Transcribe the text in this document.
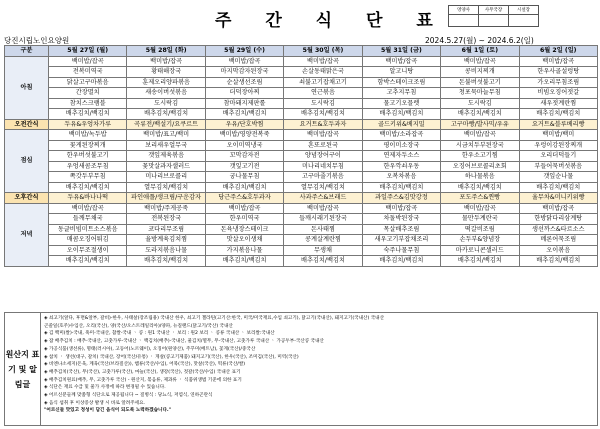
주 간 식 단 표
영양사	사무국장	시설장

당진시립노인요양원	2024.5.27(월) ~ 2024.6.2(일)
구분	5월 27일 (월)	5월 28일 (화)	5월 29일 (수)	5월 30일 (목)	5월 31일 (금)	6월 1일 (토)	6월 2일 (일)
아침	백미밥/잡곡	백미밥/잡곡	백미밥/잡곡	백미밥/잡곡	백미밥/잡곡	백미밥/잡곡	백미밥/잡곡
	전복미역국	황태해장국	마지막감자된장국	손살동태맑은국	알고니탕	콩비지찌개	한우사골설렁탕
	닭살고구마볶음	훈제오리양파볶음	순살생선조림	쇠불고기잡채고기	함박스테이크조림	돈불버섯불고기	가오리무침조림
	간장멸치	새송이버섯볶음	더덕장아찌	연근볶음	고추지무침	청포묵마늘무침	비빔오징어젓갈
	참치스크램블	도시락김	참마돼지제판롤	도시락김	물고기오믈렛	도시락김	새우젓계란찜
	배추김치/백김치	배추김치/백김치	배추김치/백김치	배추김치/백김치	배추김치/백김치	배추김치/백김치	배추김치/백김치
오전간식	두유&우엉차가루	곡류전/백설기/요쿠르트	우유/단호박찜	요거트&호두과자	골드키위&베지밀	고구마빵/발사믹/우유	요거트&블루베리빵
점심	백미밥/녹두밥	백미밥/표고/백미	백미밥/영양전복죽	백미밥/잡곡	백미밥/소라잡곡	백미밥/잡곡	백미밥/백미
	꽃게된장찌개	보리새우얼무국	오이미역냉국	혼또로된국	평이미소장국	시금치두부된장국	우렁이강된장찌개
	한우버섯불고기	갯잎제육볶음	꼬막감자전	양념장어구이	연제자두소스	한우소고기찜	오리더덕들기
	우엉새콤조무침	꽃맛살과자샐러드	갯잎고기전	미나리네치무침	한우깍쇠우동	오징어브로콜리초회	부들어묵버섯볶음
	쪽갓두부무침	미나리브로콜리	궁나물무침	고구마줄기볶음	오복차볶음	하나물볶음	갯잎순나물
	배추김치/백김치	열무김치/백김치	배추김치/백김치	열무김치/백김치	배추김치/백김치	배추김치/백김치	배추김치/백김치
오후간식	두유&바나나떡	파인애플/생크림/구운감자	당근주스&호두과자	사과주스&브래드	과일주스&김맛강정	포도주스&찐빵	율무차&미니키위빵
저녁	백미밥/잡곡	백미밥/주게공죽	백미밥/잡곡	백미밥/잡곡	백미밥/잡곡	백미밥/잡곡	백미밥/잡곡
	들깨무채국	전복된장국	한우미역국	들깨시래기된장국	차돌박된장국	물만두계란국	한방닭다리삼계탕
	동글비빔미트소스볶음	코다리무조림	돈육냉장스테이크	돈사태찜	목살배추조림	떡갈비조림	생선까스&타르소스
	매콤오징어튀김	율방계육김치찜	맛살오이생채	콩계살계란찜	새우고기부잡채조리	손두부&양념장	메론어묵조림
	오이무조절생이	도라지볶음나물	가지볶음나물	무생채	숙주나물무침	마카로니콘샐러드	오이볶음
	배추김치/백김치	배추김치/백김치	배추김치/백김치	배추김치/백김치	배추김치/백김치	배추김치/백김치	배추김치/백김치
원산지 표기 및 알림글
◈ 쇠고기(앞다, 후면&앞부, 갈비)-한우, 사태살(장조림용) 국내산 한우, 쇠고기 젤라틴(고기산:한국, 미국/미국재료,수입 쇠고기), 닭고기(국내산), 돼지고기(국내산) 국내산
곤쓸일(호주)수입산, 오리(국산), 양(국산/오스트레일리아)/양파, 뉴질랜드(닭고기/국산) 국내산
◈ 김 백미(쌀)-국내, 흑미-국내산, 찹쌀-국내 ㆍ 콩 : 원1 국내산 ㆍ 보리 : 원2 보리 ㆍ 콩류 국내산 ㆍ 보리쌀:국내산
◈ 잡 배추김치 : 배추-국내산, 고춧가루-국내산 ㆍ 백김치(배추)-국내산, 물김치/열무, 무-국내산, 고춧가루 국내산 ㆍ 가공두부-국산콩 국내산
◈ 가공식품(생선류), 명태(러시아), 고등어(노르웨이), 오징어(원양산), 주꾸미(베트남), 꽃게(국산)/중국산
◈ 참치 ㆍ 생선(대구, 갈치) 국내산, 장어(국산/유통) ㆍ 게살(콩고기제품) 돼지고기(국산), 한우(국산), 조미김(국산), 미역(국산)
◈ 비엔나소세지(돈육, 계육(국산/브라질산)), 햄류(국산/수입), 어묵(국산), 맛살(국산), 떡류(국산/쌀)
◈ 배추김치(국산), 무(국산), 고춧가루(국산), 마늘(국산), 생강(국산), 젓갈(국산/수입) 국내산 표기
◈ 배추김치원료(배추, 무, 고춧가루 국산) - 원산지, 볶음류, 제과류 ㆍ 식품위생법 기준에 의한 표기
◈ 식단은 재료 수급 및 물가 사정에 따라 변경될 수 있습니다.
◈ 어르신분들께 맞춤형 식단으로 제공됩니다 ~ 질병식 : 당뇨식, 저염식, 연하곤란식
◈ 음식 섭취 후 이상증상 발생 시 바로 알려주세요.
"어르신들 맛있고 정성이 담긴 음식이 되도록 노력하겠습니다."
